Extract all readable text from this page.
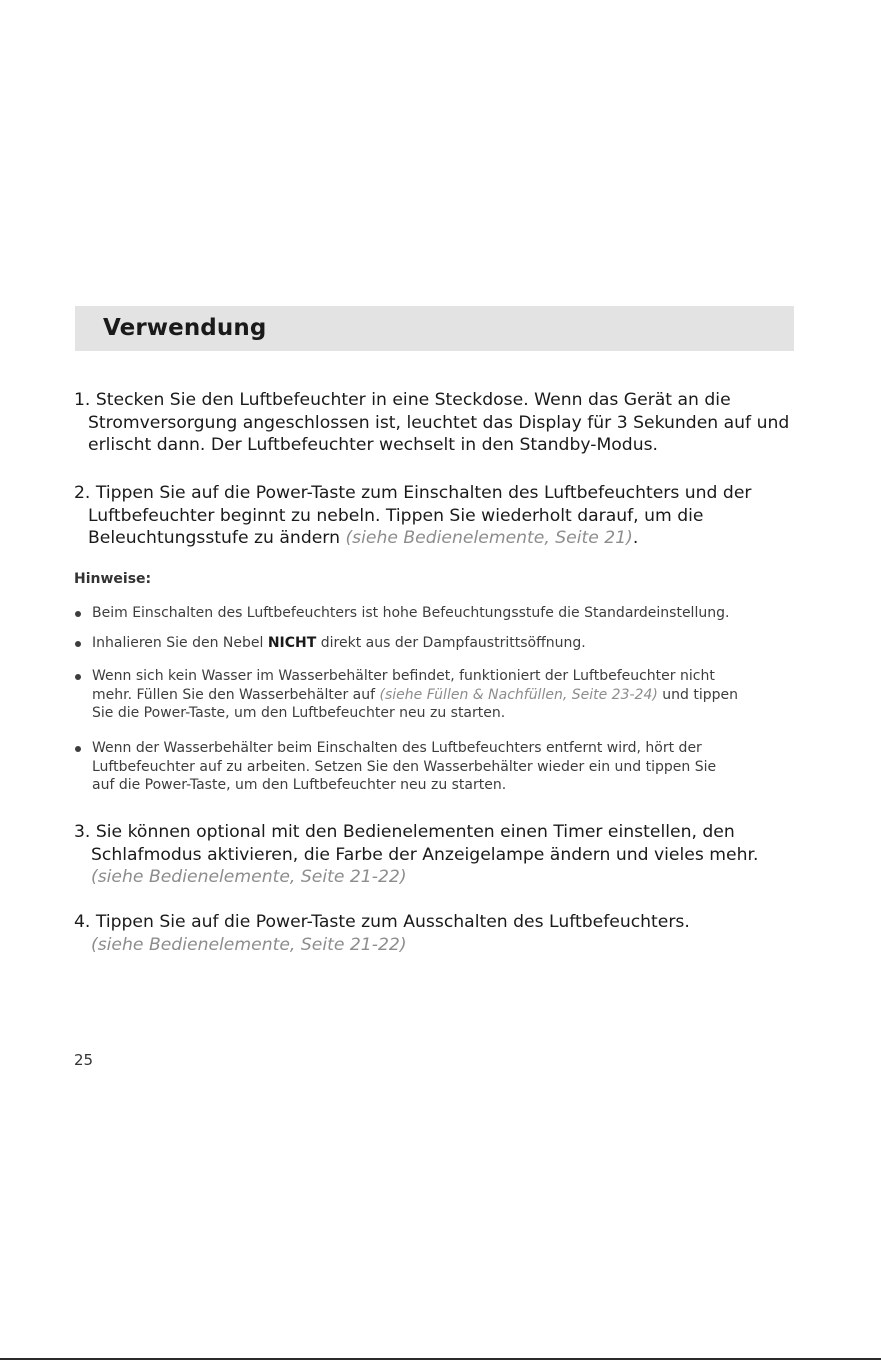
Verwendung
1. Stecken Sie den Luftbefeuchter in eine Steckdose. Wenn das Gerät an die
Stromversorgung angeschlossen ist, leuchtet das Display für 3 Sekunden auf und
erlischt dann. Der Luftbefeuchter wechselt in den Standby-Modus.
2. Tippen Sie auf die Power-Taste zum Einschalten des Luftbefeuchters und der
Luftbefeuchter beginnt zu nebeln. Tippen Sie wiederholt darauf, um die
Beleuchtungsstufe zu ändern (siehe Bedienelemente, Seite 21).
Hinweise:
Beim Einschalten des Luftbefeuchters ist hohe Befeuchtungsstufe die Standardeinstellung.
Inhalieren Sie den Nebel NICHT direkt aus der Dampfaustrittsöffnung.
Wenn sich kein Wasser im Wasserbehälter befindet, funktioniert der Luftbefeuchter nicht
mehr. Füllen Sie den Wasserbehälter auf (siehe Füllen & Nachfüllen, Seite 23-24) und tippen
Sie die Power-Taste, um den Luftbefeuchter neu zu starten.
Wenn der Wasserbehälter beim Einschalten des Luftbefeuchters entfernt wird, hört der
Luftbefeuchter auf zu arbeiten. Setzen Sie den Wasserbehälter wieder ein und tippen Sie
auf die Power-Taste, um den Luftbefeuchter neu zu starten.
3. Sie können optional mit den Bedienelementen einen Timer einstellen, den
Schlafmodus aktivieren, die Farbe der Anzeigelampe ändern und vieles mehr.
(siehe Bedienelemente, Seite 21-22)
4. Tippen Sie auf die Power-Taste zum Ausschalten des Luftbefeuchters.
(siehe Bedienelemente, Seite 21-22)
25
